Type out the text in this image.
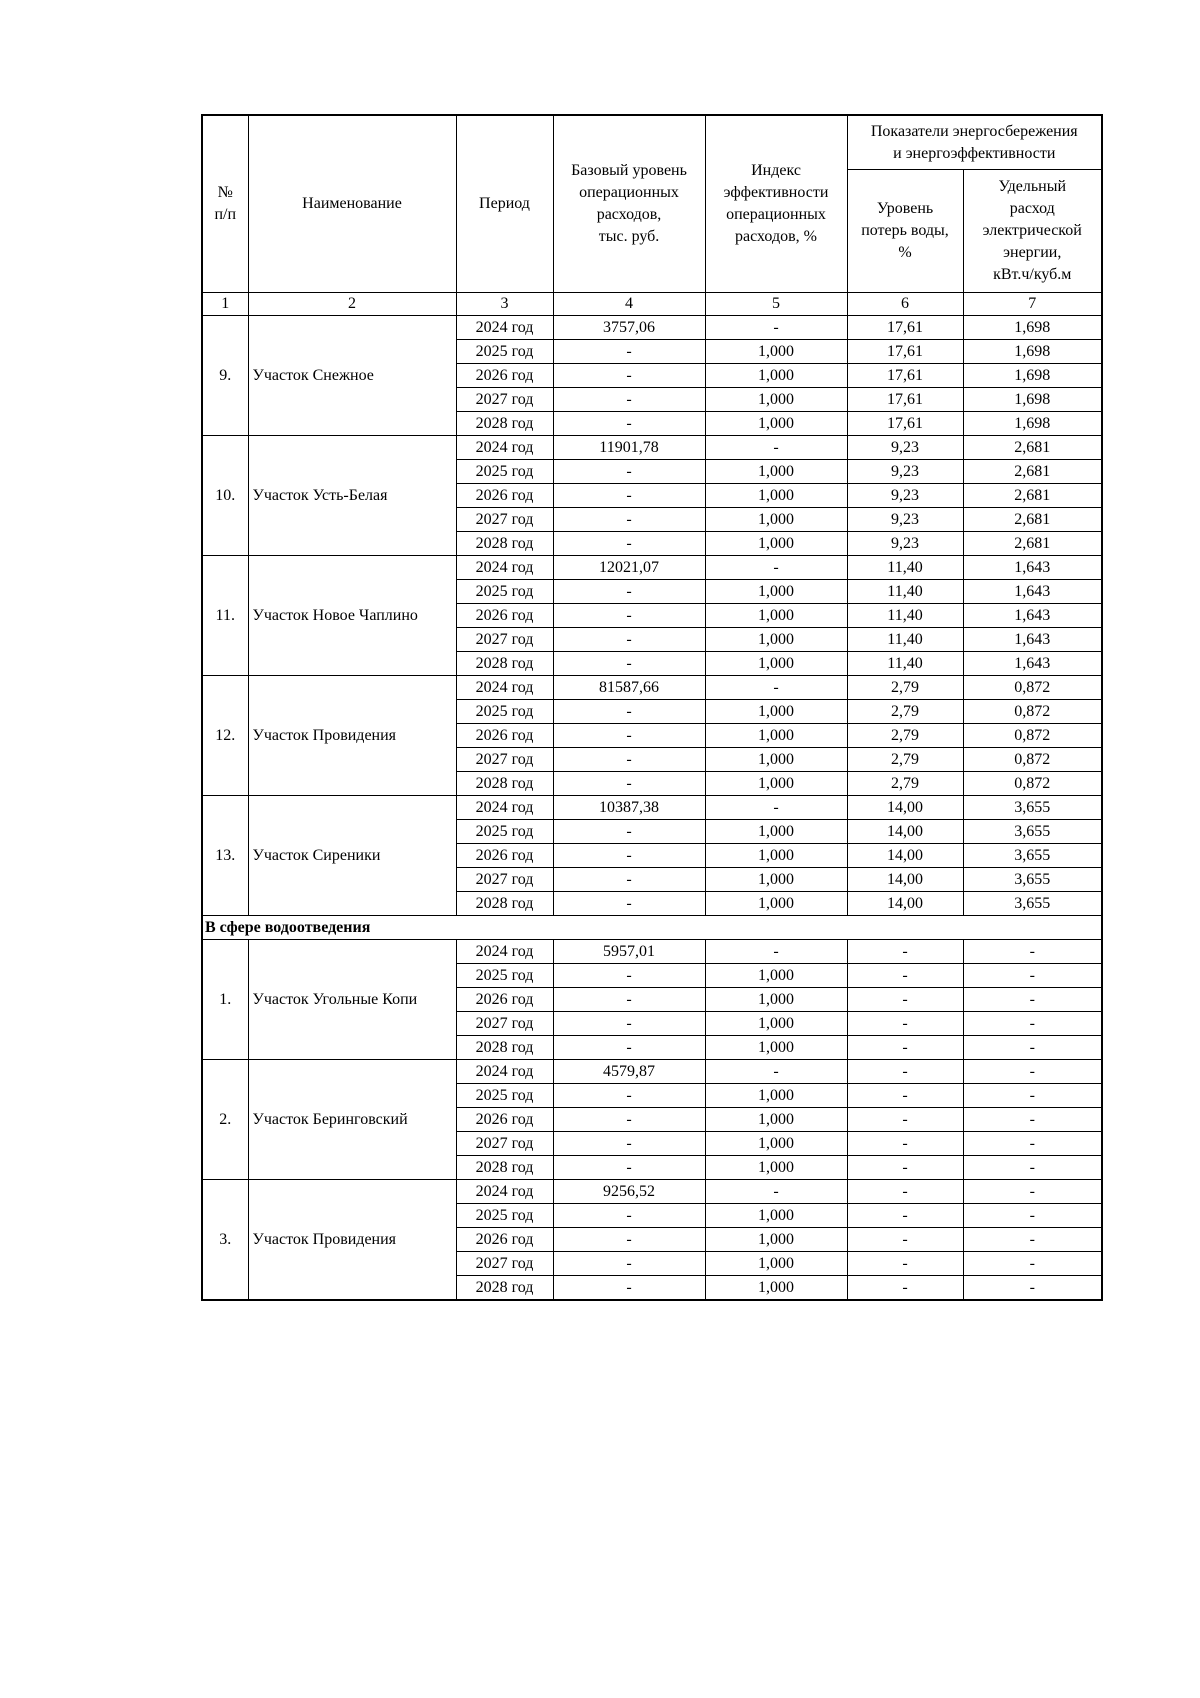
№
п/п	Наименование	Период	Базовый уровень
операционных
расходов,
тыс. руб.	Индекс
эффективности
операционных
расходов, %	Показатели энергосбережения
и энергоэффективности	
					Уровень
потерь воды,
%	Удельный
расход
электрической
энергии,
кВт.ч/куб.м
1	2	3	4	5	6	7
9.	Участок Снежное	2024 год	3757,06	-	17,61	1,698
		2025 год	-	1,000	17,61	1,698
		2026 год	-	1,000	17,61	1,698
		2027 год	-	1,000	17,61	1,698
		2028 год	-	1,000	17,61	1,698
10.	Участок Усть-Белая	2024 год	11901,78	-	9,23	2,681
		2025 год	-	1,000	9,23	2,681
		2026 год	-	1,000	9,23	2,681
		2027 год	-	1,000	9,23	2,681
		2028 год	-	1,000	9,23	2,681
11.	Участок Новое Чаплино	2024 год	12021,07	-	11,40	1,643
		2025 год	-	1,000	11,40	1,643
		2026 год	-	1,000	11,40	1,643
		2027 год	-	1,000	11,40	1,643
		2028 год	-	1,000	11,40	1,643
12.	Участок Провидения	2024 год	81587,66	-	2,79	0,872
		2025 год	-	1,000	2,79	0,872
		2026 год	-	1,000	2,79	0,872
		2027 год	-	1,000	2,79	0,872
		2028 год	-	1,000	2,79	0,872
13.	Участок Сиреники	2024 год	10387,38	-	14,00	3,655
		2025 год	-	1,000	14,00	3,655
		2026 год	-	1,000	14,00	3,655
		2027 год	-	1,000	14,00	3,655
		2028 год	-	1,000	14,00	3,655
В сфере водоотведения						
1.	Участок Угольные Копи	2024 год	5957,01	-	-	-
		2025 год	-	1,000	-	-
		2026 год	-	1,000	-	-
		2027 год	-	1,000	-	-
		2028 год	-	1,000	-	-
2.	Участок Беринговский	2024 год	4579,87	-	-	-
		2025 год	-	1,000	-	-
		2026 год	-	1,000	-	-
		2027 год	-	1,000	-	-
		2028 год	-	1,000	-	-
3.	Участок Провидения	2024 год	9256,52	-	-	-
		2025 год	-	1,000	-	-
		2026 год	-	1,000	-	-
		2027 год	-	1,000	-	-
		2028 год	-	1,000	-	-
